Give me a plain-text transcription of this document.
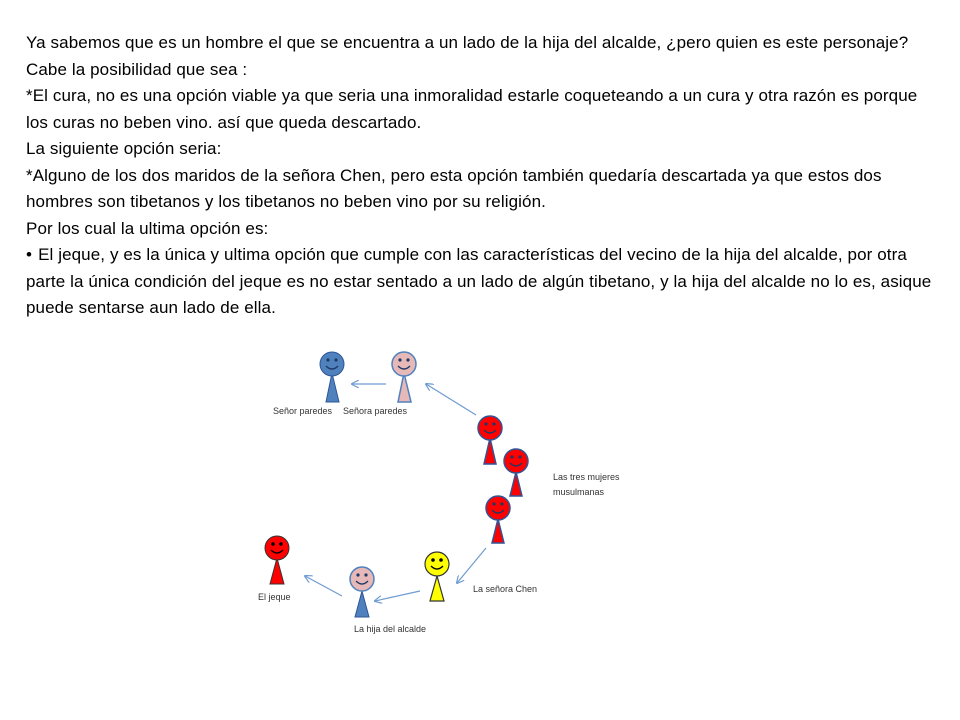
Ya sabemos que es un hombre el que se encuentra a un lado de la hija del alcalde, ¿pero quien es este personaje? Cabe la posibilidad que sea :

*El cura, no es una opción viable ya que seria una inmoralidad estarle coqueteando a un cura y otra razón es porque los curas no beben vino. así que queda descartado.

La siguiente opción seria:

*Alguno de los dos maridos de la señora Chen, pero esta opción también quedaría descartada ya que estos dos hombres son tibetanos y los tibetanos no beben vino por su religión.

Por los cual la ultima opción es:

• El jeque, y es la única y ultima opción que cumple con las características del vecino de la hija del alcalde, por otra parte la única condición del jeque es no estar sentado a un lado de algún tibetano, y la hija del alcalde no lo es, asique puede sentarse aun lado de ella.

Señor paredes Señora paredes
Las tres mujeres
musulmanas
La señora Chen
La hija del alcalde
El jeque
